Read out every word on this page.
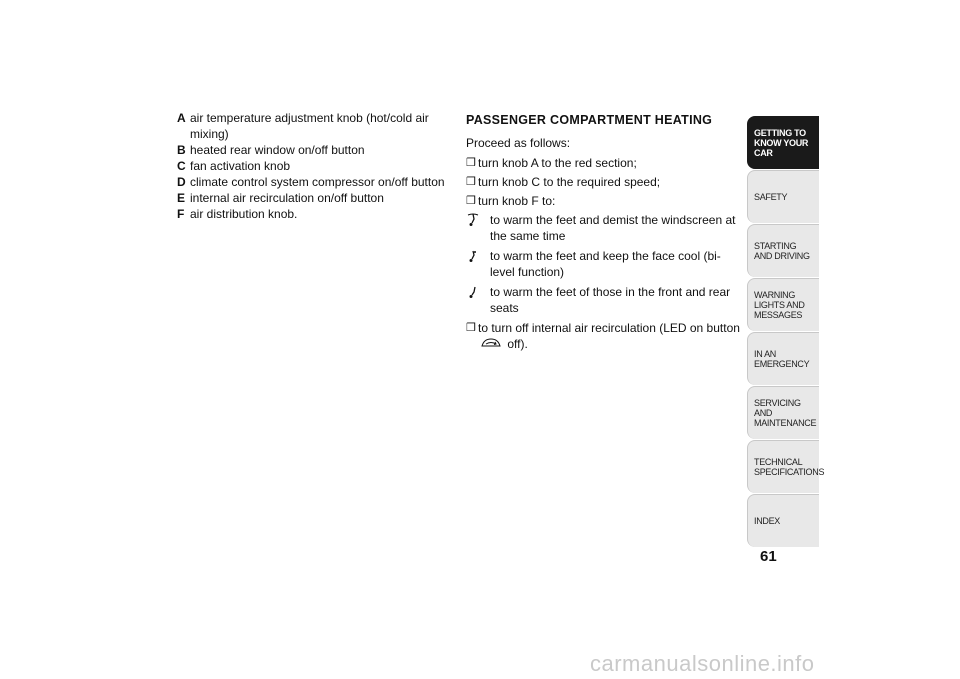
A air temperature adjustment knob (hot/cold air mixing)
B heated rear window on/off button
C fan activation knob
D climate control system compressor on/off button
E internal air recirculation on/off button
F air distribution knob.
PASSENGER COMPARTMENT HEATING
Proceed as follows:
❒ turn knob A to the red section;
❒ turn knob C to the required speed;
❒ turn knob F to:
to warm the feet and demist the windscreen at the same time
to warm the feet and keep the face cool (bi-level function)
to warm the feet of those in the front and rear seats
❒ to turn off internal air recirculation (LED on button  off).
GETTING TO KNOW YOUR CAR
SAFETY
STARTING AND DRIVING
WARNING LIGHTS AND MESSAGES
IN AN EMERGENCY
SERVICING AND MAINTENANCE
TECHNICAL SPECIFICATIONS
INDEX
61
carmanualsonline.info
